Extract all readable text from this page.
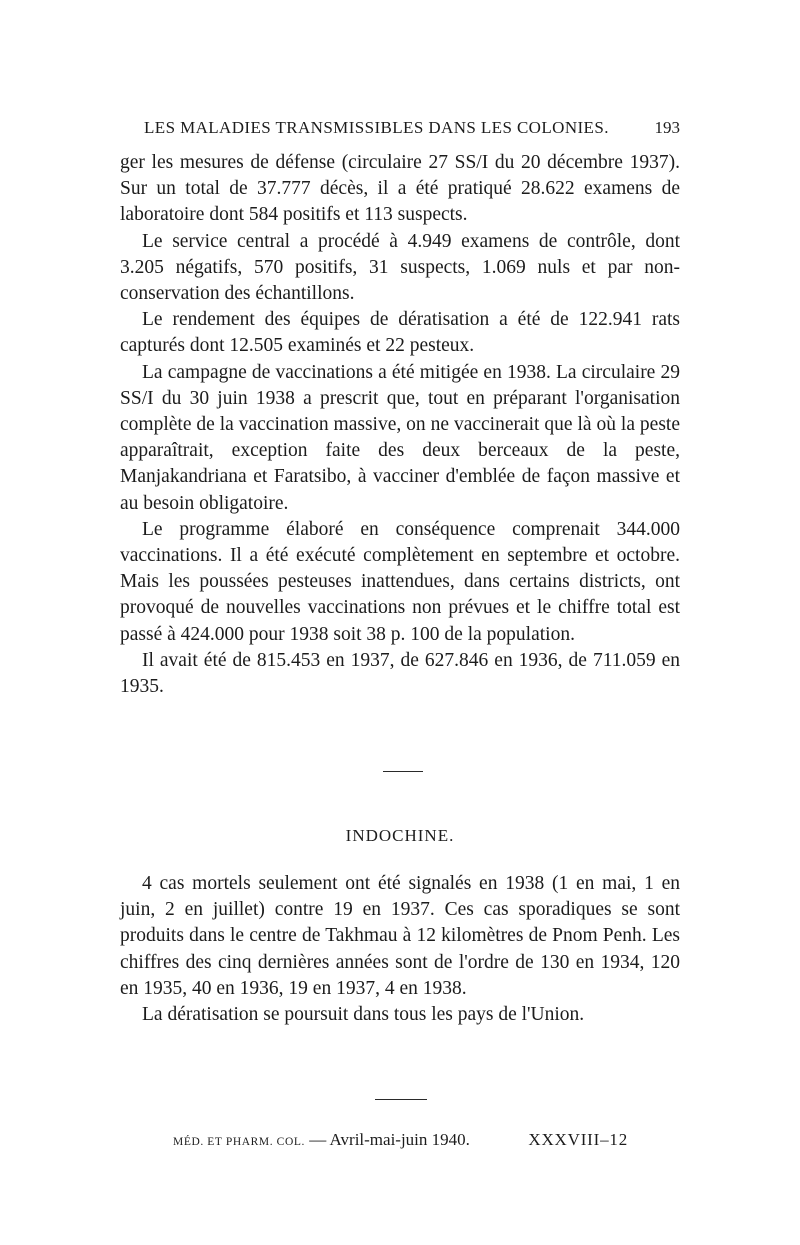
LES MALADIES TRANSMISSIBLES DANS LES COLONIES.	193

ger les mesures de défense (circulaire 27 SS/I du 20 décembre 1937). Sur un total de 37.777 décès, il a été pratiqué 28.622 examens de laboratoire dont 584 positifs et 113 suspects.

Le service central a procédé à 4.949 examens de contrôle, dont 3.205 négatifs, 570 positifs, 31 suspects, 1.069 nuls et par non-conservation des échantillons.

Le rendement des équipes de dératisation a été de 122.941 rats capturés dont 12.505 examinés et 22 pesteux.

La campagne de vaccinations a été mitigée en 1938. La circulaire 29 SS/I du 30 juin 1938 a prescrit que, tout en préparant l'organisation complète de la vaccination massive, on ne vaccinerait que là où la peste apparaîtrait, exception faite des deux berceaux de la peste, Manjakandriana et Faratsibo, à vacciner d'emblée de façon massive et au besoin obligatoire.

Le programme élaboré en conséquence comprenait 344.000 vaccinations. Il a été exécuté complètement en septembre et octobre. Mais les poussées pesteuses inattendues, dans certains districts, ont provoqué de nouvelles vaccinations non prévues et le chiffre total est passé à 424.000 pour 1938 soit 38 p. 100 de la population.

Il avait été de 815.453 en 1937, de 627.846 en 1936, de 711.059 en 1935.

INDOCHINE.

4 cas mortels seulement ont été signalés en 1938 (1 en mai, 1 en juin, 2 en juillet) contre 19 en 1937. Ces cas sporadiques se sont produits dans le centre de Takhmau à 12 kilomètres de Pnom Penh. Les chiffres des cinq dernières années sont de l'ordre de 130 en 1934, 120 en 1935, 40 en 1936, 19 en 1937, 4 en 1938.

La dératisation se poursuit dans tous les pays de l'Union.

MÉD. ET PHARM. COL. — Avril-mai-juin 1940.	XXXVIII–12
